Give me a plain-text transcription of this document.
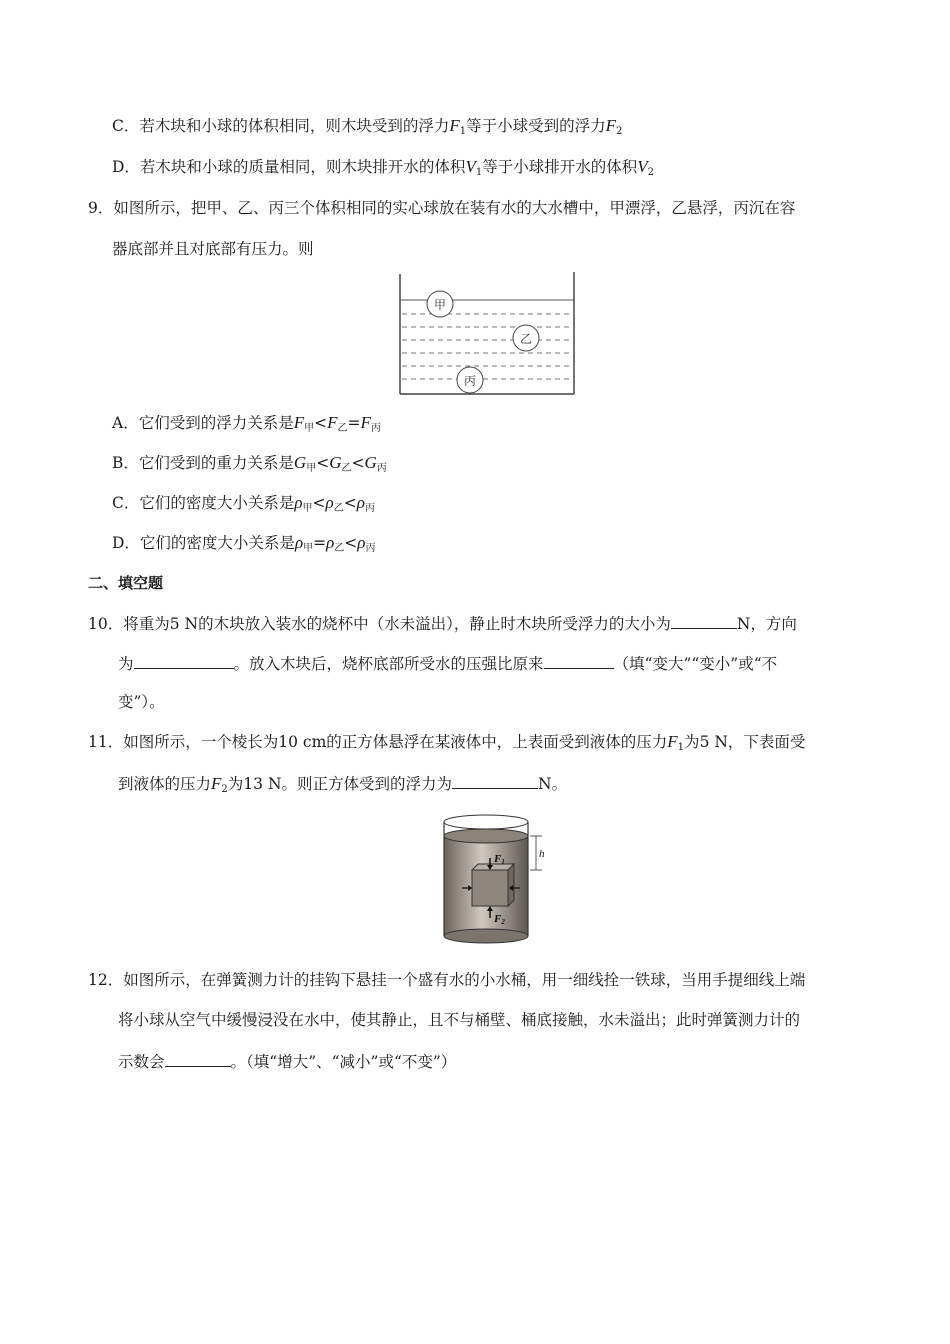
C．若木块和小球的体积相同，则木块受到的浮力$F_1$等于小球受到的浮力$F_2$
D．若木块和小球的质量相同，则木块排开水的体积$V_1$等于小球排开水的体积$V_2$
9．如图所示，把甲、乙、丙三个体积相同的实心球放在装有水的大水槽中，甲漂浮，乙悬浮，丙沉在容
器底部并且对底部有压力。则
甲
乙
丙
A．它们受到的浮力关系是$F_甲<F_乙=F_丙$
B．它们受到的重力关系是$G_甲<G_乙<G_丙$
C．它们的密度大小关系是$\rho_甲<\rho_乙<\rho_丙$
D．它们的密度大小关系是$\rho_甲=\rho_乙<\rho_丙$
二、填空题
10．将重为5 N的木块放入装水的烧杯中（水未溢出），静止时木块所受浮力的大小为	N，方向
为	。放入木块后，烧杯底部所受水的压强比原来	（填“变大”“变小”或“不
变”）。
11．如图所示，一个棱长为10 cm的正方体悬浮在某液体中，上表面受到液体的压力$F_1$为5 N，下表面受
到液体的压力$F_2$为13 N。则正方体受到的浮力为	N。
h
F1
F2
12．如图所示，在弹簧测力计的挂钩下悬挂一个盛有水的小水桶，用一细线拴一铁球，当用手提细线上端
将小球从空气中缓慢浸没在水中，使其静止，且不与桶壁、桶底接触，水未溢出；此时弹簧测力计的
示数会	。（填“增大”、“减小”或“不变”）
